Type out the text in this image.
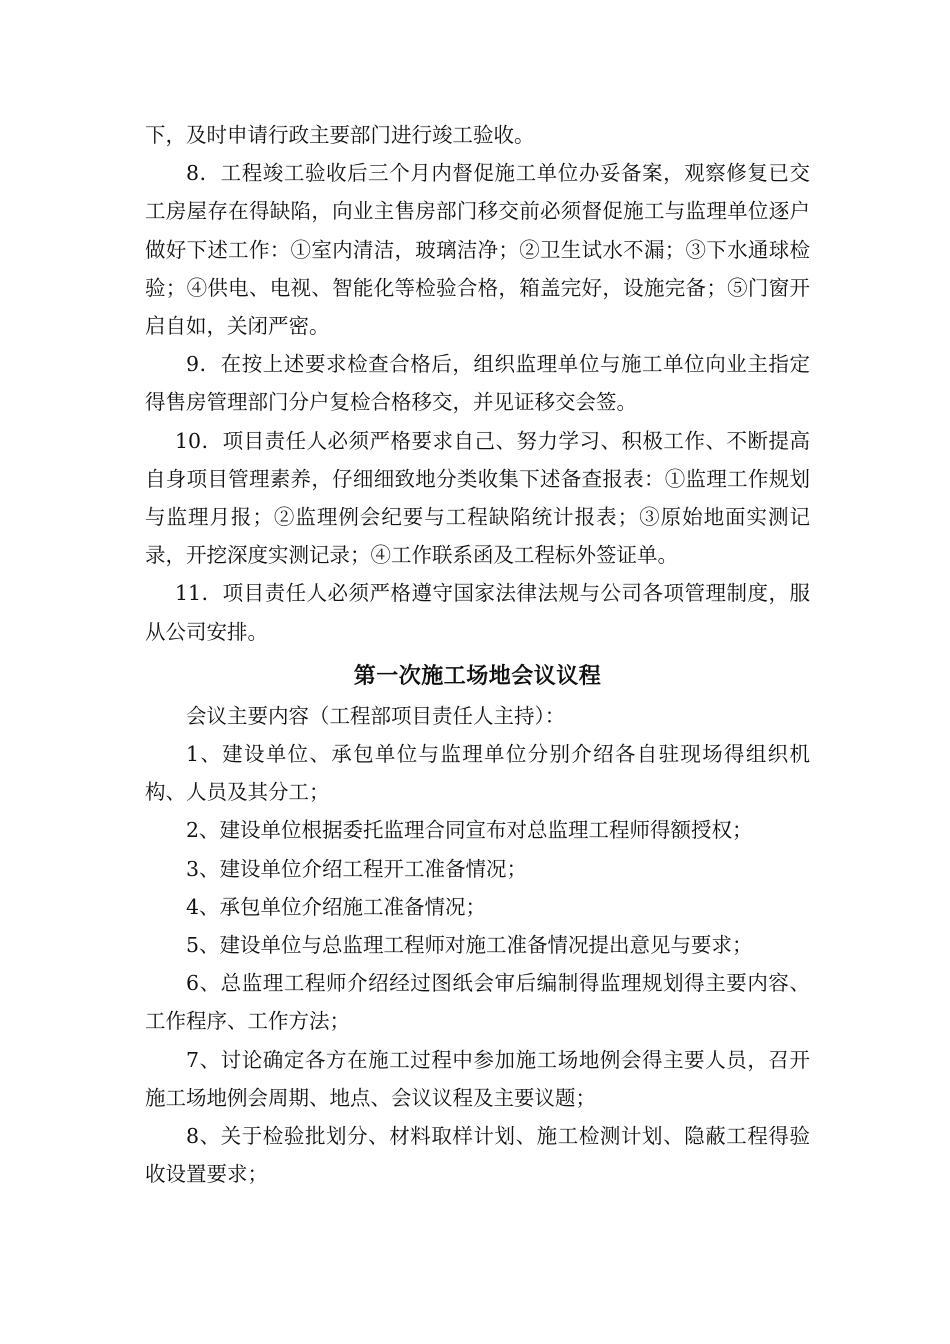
下，及时申请行政主要部门进行竣工验收。

8．工程竣工验收后三个月内督促施工单位办妥备案，观察修复已交工房屋存在得缺陷，向业主售房部门移交前必须督促施工与监理单位逐户做好下述工作：①室内清洁，玻璃洁净；②卫生试水不漏；③下水通球检验；④供电、电视、智能化等检验合格，箱盖完好，设施完备；⑤门窗开启自如，关闭严密。

9．在按上述要求检查合格后，组织监理单位与施工单位向业主指定得售房管理部门分户复检合格移交，并见证移交会签。

10．项目责任人必须严格要求自己、努力学习、积极工作、不断提高自身项目管理素养，仔细细致地分类收集下述备查报表：①监理工作规划与监理月报；②监理例会纪要与工程缺陷统计报表；③原始地面实测记录，开挖深度实测记录；④工作联系函及工程标外签证单。

11．项目责任人必须严格遵守国家法律法规与公司各项管理制度，服从公司安排。

第一次施工场地会议议程

会议主要内容（工程部项目责任人主持）：

1、建设单位、承包单位与监理单位分别介绍各自驻现场得组织机构、人员及其分工；

2、建设单位根据委托监理合同宣布对总监理工程师得额授权；

3、建设单位介绍工程开工准备情况；

4、承包单位介绍施工准备情况；

5、建设单位与总监理工程师对施工准备情况提出意见与要求；

6、总监理工程师介绍经过图纸会审后编制得监理规划得主要内容、工作程序、工作方法；

7、讨论确定各方在施工过程中参加施工场地例会得主要人员，召开施工场地例会周期、地点、会议议程及主要议题；

8、关于检验批划分、材料取样计划、施工检测计划、隐蔽工程得验收设置要求；
